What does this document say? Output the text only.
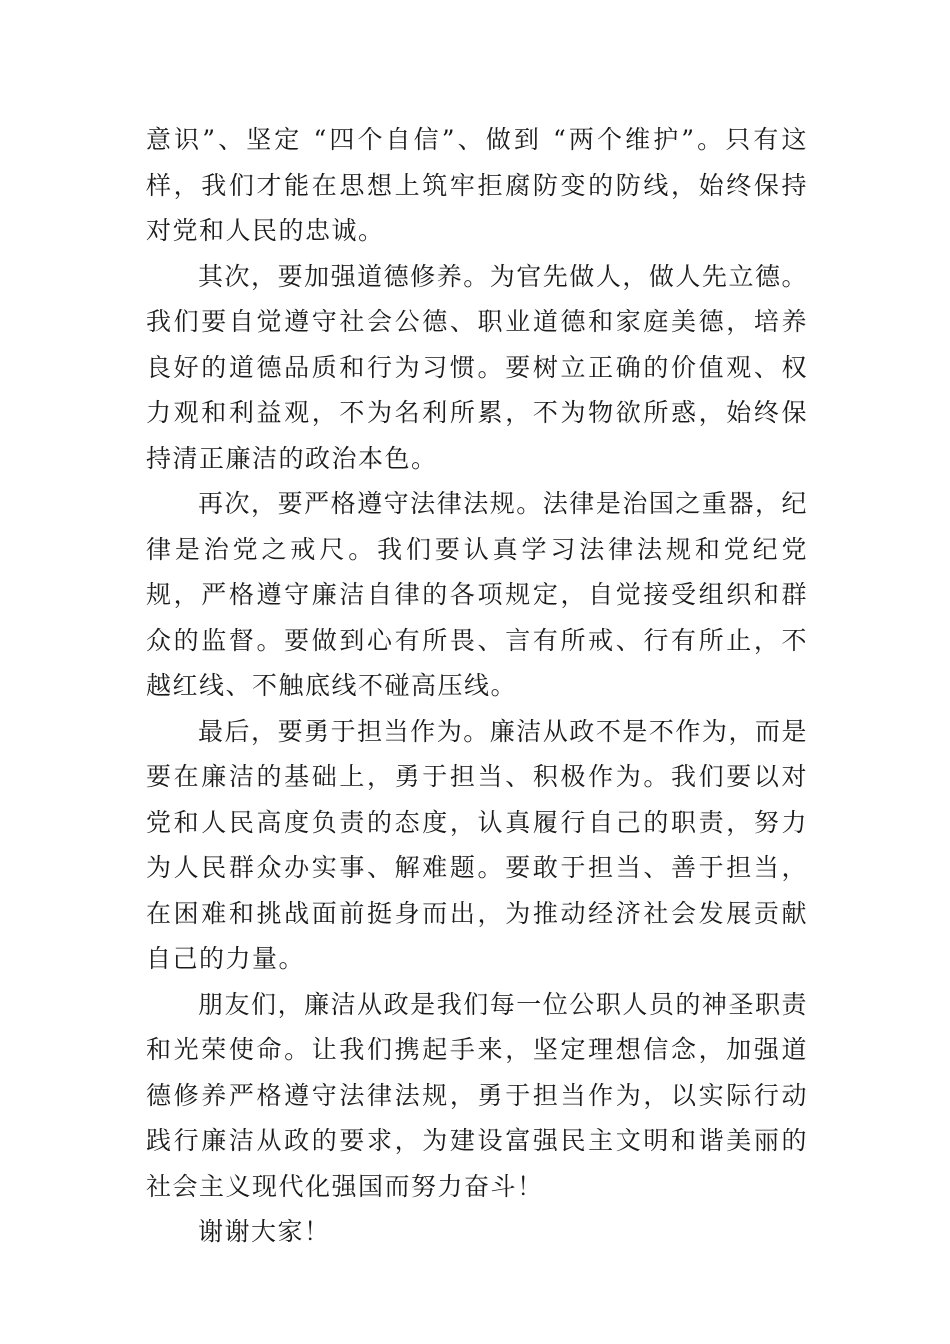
意识”、坚定 “四个自信”、做到 “两个维护”。只有这样，我们才能在思想上筑牢拒腐防变的防线，始终保持对党和人民的忠诚。

其次，要加强道德修养。为官先做人，做人先立德。我们要自觉遵守社会公德、职业道德和家庭美德，培养良好的道德品质和行为习惯。要树立正确的价值观、权力观和利益观，不为名利所累，不为物欲所惑，始终保持清正廉洁的政治本色。

再次，要严格遵守法律法规。法律是治国之重器，纪律是治党之戒尺。我们要认真学习法律法规和党纪党规，严格遵守廉洁自律的各项规定，自觉接受组织和群众的监督。要做到心有所畏、言有所戒、行有所止，不越红线、不触底线不碰高压线。

最后，要勇于担当作为。廉洁从政不是不作为，而是要在廉洁的基础上，勇于担当、积极作为。我们要以对党和人民高度负责的态度，认真履行自己的职责，努力为人民群众办实事、解难题。要敢于担当、善于担当，在困难和挑战面前挺身而出，为推动经济社会发展贡献自己的力量。

朋友们，廉洁从政是我们每一位公职人员的神圣职责和光荣使命。让我们携起手来，坚定理想信念，加强道德修养严格遵守法律法规，勇于担当作为，以实际行动践行廉洁从政的要求，为建设富强民主文明和谐美丽的社会主义现代化强国而努力奋斗！

谢谢大家！
